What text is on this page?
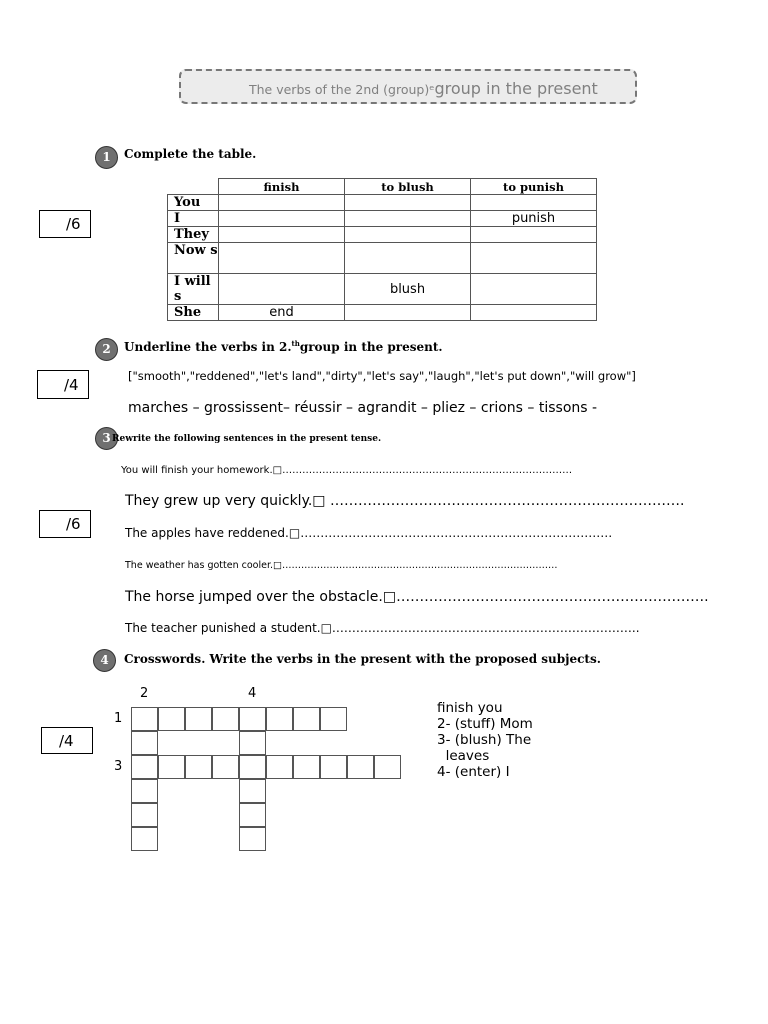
The verbs of the 2nd (group)ᵉgroup in the present
1	Complete the table.
/6
	finish	to blush	to punish
You			
I			punish
They			
Now s			
I will s		blush	
She	end		
2	Underline the verbs in 2.$^{th}$group in the present.
/4	["smooth","reddened","let's land","dirty","let's say","laugh","let's put down","will grow"]
marches – grossissent– réussir – agrandit – pliez – crions – tissons -
3 Rewrite the following sentences in the present tense.
/6
You will finish your homework.□……………………………………………………………………………
They grew up very quickly.□ ………………………………………………………………….
The apples have reddened.□……………………………………………………………………
The weather has gotten cooler.□……………………………………………………………………………
The horse jumped over the obstacle.□………………………………………………………….
The teacher punished a student.□…………………………………………………………………..
4	Crosswords. Write the verbs in the present with the proposed subjects.
/4
2	4
1
3
finish you
2- (stuff) Mom
3- (blush) The
leaves
4- (enter) I
